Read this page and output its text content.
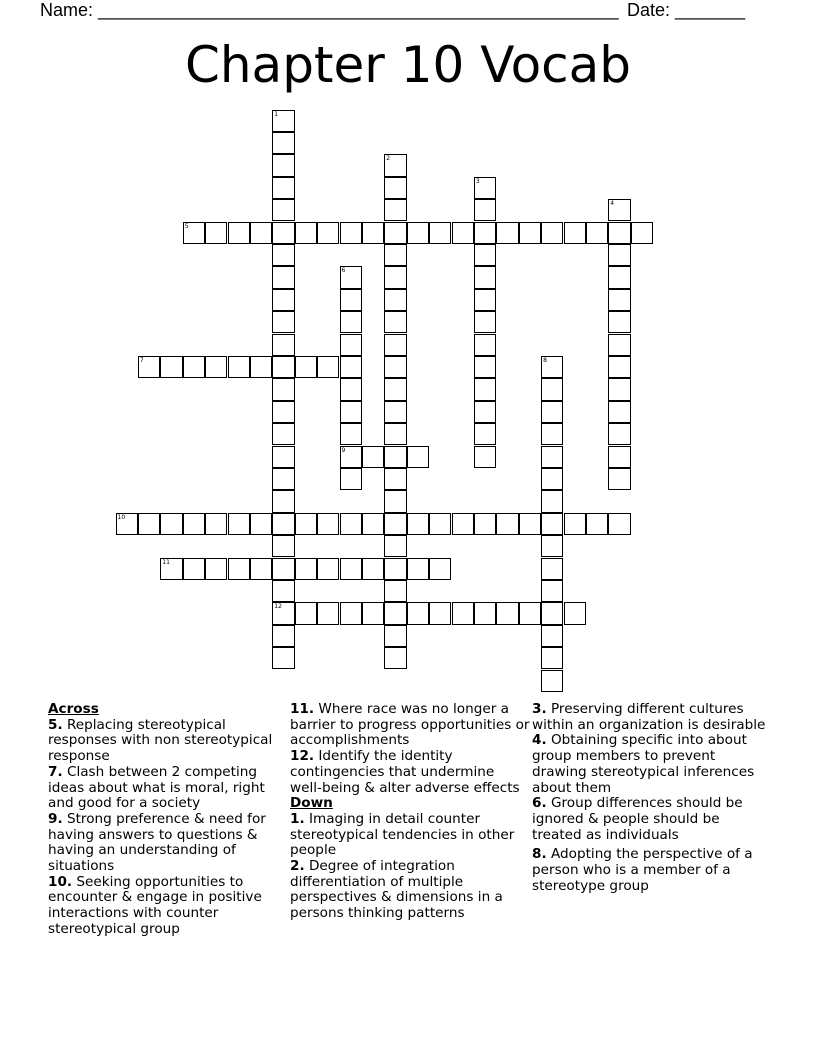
Name: ____________________________________________________ Date: _______
Chapter 10 Vocab
1
12
2
3
4
5
6
9
7	8
10
11
Across
5. Replacing stereotypical responses with non stereotypical response
7. Clash between 2 competing ideas about what is moral, right and good for a society
9. Strong preference & need for having answers to questions & having an understanding of situations
10. Seeking opportunities to encounter & engage in positive interactions with counter stereotypical group
11. Where race was no longer a barrier to progress opportunities or accomplishments
12. Identify the identity contingencies that undermine well-being & alter adverse effects
Down
1. Imaging in detail counter stereotypical tendencies in other people
2. Degree of integration differentiation of multiple perspectives & dimensions in a persons thinking patterns
3. Preserving different cultures within an organization is desirable
4. Obtaining specific into about group members to prevent drawing stereotypical inferences about them
6. Group differences should be ignored & people should be treated as individuals
8. Adopting the perspective of a person who is a member of a stereotype group
